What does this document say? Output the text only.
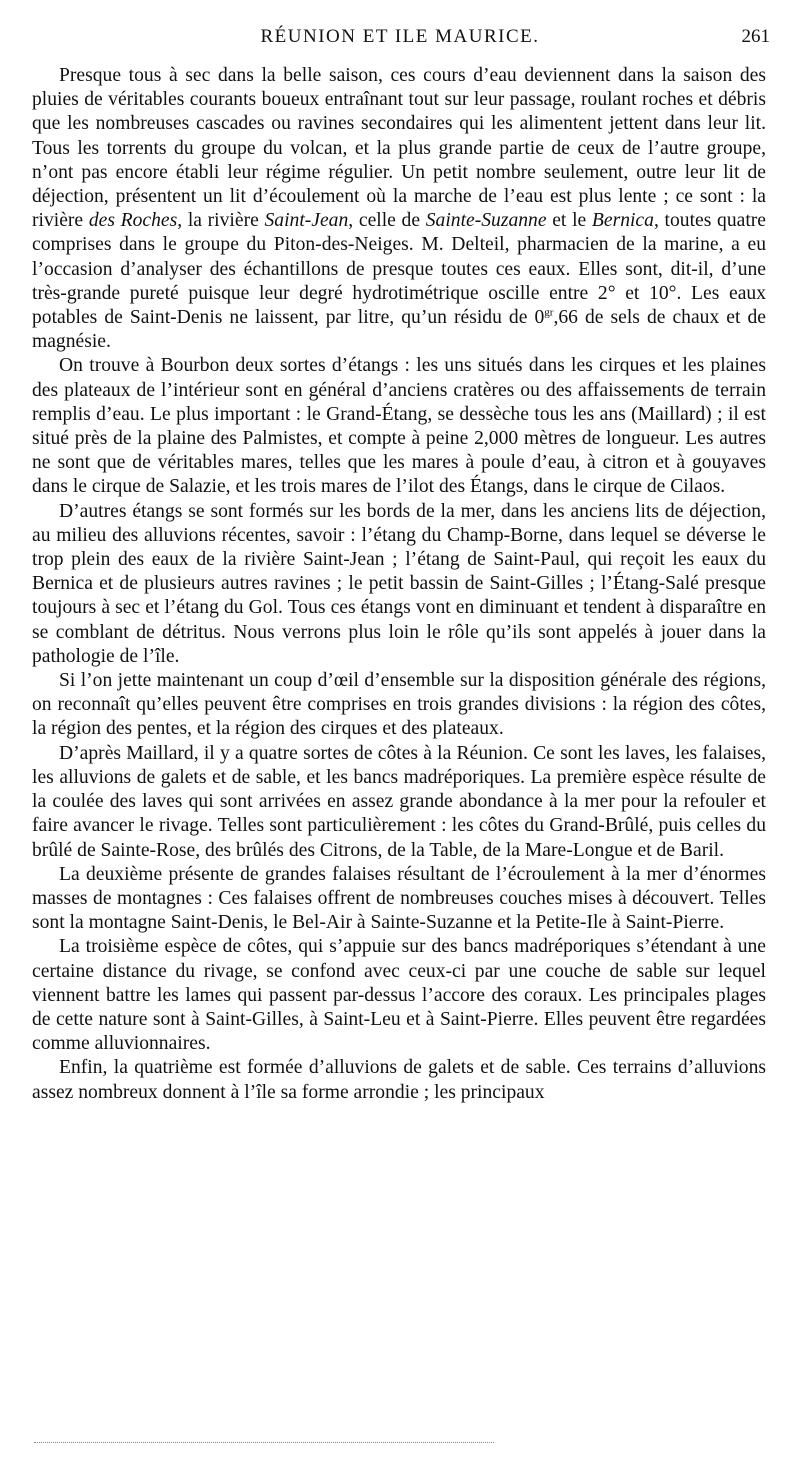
RÉUNION ET ILE MAURICE.	261

Presque tous à sec dans la belle saison, ces cours d’eau deviennent dans la saison des pluies de véritables courants boueux entraînant tout sur leur passage, roulant roches et débris que les nombreuses cascades ou ravines secondaires qui les alimentent jettent dans leur lit. Tous les torrents du groupe du volcan, et la plus grande partie de ceux de l’autre groupe, n’ont pas encore établi leur régime régulier. Un petit nombre seulement, outre leur lit de déjection, présentent un lit d’écoulement où la marche de l’eau est plus lente ; ce sont : la rivière des Roches, la rivière Saint-Jean, celle de Sainte-Suzanne et le Bernica, toutes quatre comprises dans le groupe du Piton-des-Neiges. M. Delteil, pharmacien de la marine, a eu l’occasion d’analyser des échantillons de presque toutes ces eaux. Elles sont, dit-il, d’une très-grande pureté puisque leur degré hydrotimétrique oscille entre 2° et 10°. Les eaux potables de Saint-Denis ne laissent, par litre, qu’un résidu de $0^{gr},66$ de sels de chaux et de magnésie.

On trouve à Bourbon deux sortes d’étangs : les uns situés dans les cirques et les plaines des plateaux de l’intérieur sont en général d’anciens cratères ou des affaissements de terrain remplis d’eau. Le plus important : le Grand-Étang, se dessèche tous les ans (Maillard) ; il est situé près de la plaine des Palmistes, et compte à peine 2,000 mètres de longueur. Les autres ne sont que de véritables mares, telles que les mares à poule d’eau, à citron et à gouyaves dans le cirque de Salazie, et les trois mares de l’ilot des Étangs, dans le cirque de Cilaos.

D’autres étangs se sont formés sur les bords de la mer, dans les anciens lits de déjection, au milieu des alluvions récentes, savoir : l’étang du Champ-Borne, dans lequel se déverse le trop plein des eaux de la rivière Saint-Jean ; l’étang de Saint-Paul, qui reçoit les eaux du Bernica et de plusieurs autres ravines ; le petit bassin de Saint-Gilles ; l’Étang-Salé presque toujours à sec et l’étang du Gol. Tous ces étangs vont en diminuant et tendent à disparaître en se comblant de détritus. Nous verrons plus loin le rôle qu’ils sont appelés à jouer dans la pathologie de l’île.

Si l’on jette maintenant un coup d’œil d’ensemble sur la disposition générale des régions, on reconnaît qu’elles peuvent être comprises en trois grandes divisions : la région des côtes, la région des pentes, et la région des cirques et des plateaux.

D’après Maillard, il y a quatre sortes de côtes à la Réunion. Ce sont les laves, les falaises, les alluvions de galets et de sable, et les bancs madréporiques. La première espèce résulte de la coulée des laves qui sont arrivées en assez grande abondance à la mer pour la refouler et faire avancer le rivage. Telles sont particulièrement : les côtes du Grand-Brûlé, puis celles du brûlé de Sainte-Rose, des brûlés des Citrons, de la Table, de la Mare-Longue et de Baril.

La deuxième présente de grandes falaises résultant de l’écroulement à la mer d’énormes masses de montagnes : Ces falaises offrent de nombreuses couches mises à découvert. Telles sont la montagne Saint-Denis, le Bel-Air à Sainte-Suzanne et la Petite-Ile à Saint-Pierre.

La troisième espèce de côtes, qui s’appuie sur des bancs madréporiques s’étendant à une certaine distance du rivage, se confond avec ceux-ci par une couche de sable sur lequel viennent battre les lames qui passent par-dessus l’accore des coraux. Les principales plages de cette nature sont à Saint-Gilles, à Saint-Leu et à Saint-Pierre. Elles peuvent être regardées comme alluvionnaires.

Enfin, la quatrième est formée d’alluvions de galets et de sable. Ces terrains d’alluvions assez nombreux donnent à l’île sa forme arrondie ; les principaux
